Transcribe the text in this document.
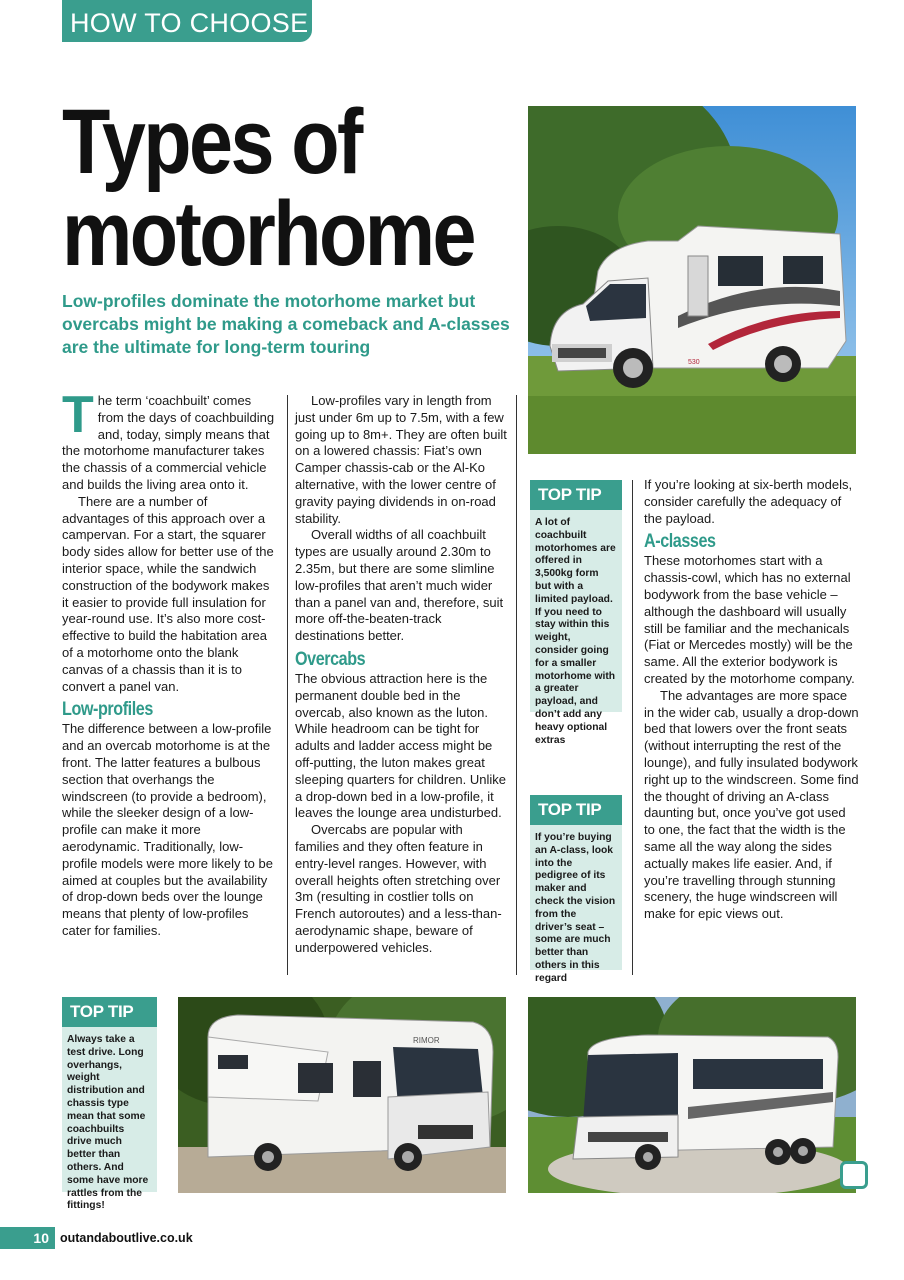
HOW TO CHOOSE
Types of
motorhome

Low-profiles dominate the motorhome market but overcabs might be making a comeback and A-classes are the ultimate for long-term touring

530

The term ‘coachbuilt’ comes from the days of coachbuilding and, today, simply means that the motorhome manufacturer takes the chassis of a commercial vehicle and builds the living area onto it.

There are a number of advantages of this approach over a campervan. For a start, the squarer body sides allow for better use of the interior space, while the sandwich construction of the bodywork makes it easier to provide full insulation for year-round use. It’s also more cost-effective to build the habitation area of a motorhome onto the blank canvas of a chassis than it is to convert a panel van.

Low-profiles

The difference between a low-profile and an overcab motorhome is at the front. The latter features a bulbous section that overhangs the windscreen (to provide a bedroom), while the sleeker design of a low-profile can make it more aerodynamic. Traditionally, low-profile models were more likely to be aimed at couples but the availability of drop-down beds over the lounge means that plenty of low-profiles cater for families.

Low-profiles vary in length from just under 6m up to 7.5m, with a few going up to 8m+. They are often built on a lowered chassis: Fiat’s own Camper chassis-cab or the Al-Ko alternative, with the lower centre of gravity paying dividends in on-road stability.

Overall widths of all coachbuilt types are usually around 2.30m to 2.35m, but there are some slimline low-profiles that aren’t much wider than a panel van and, therefore, suit more off-the-beaten-track destinations better.

Overcabs

The obvious attraction here is the permanent double bed in the overcab, also known as the luton. While headroom can be tight for adults and ladder access might be off-putting, the luton makes great sleeping quarters for children. Unlike a drop-down bed in a low-profile, it leaves the lounge area undisturbed.

Overcabs are popular with families and they often feature in entry-level ranges. However, with overall heights often stretching over 3m (resulting in costlier tolls on French autoroutes) and a less-than-aerodynamic shape, beware of underpowered vehicles.

TOP TIP
A lot of coachbuilt motorhomes are offered in 3,500kg form but with a limited payload. If you need to stay within this weight, consider going for a smaller motorhome with a greater payload, and don’t add any heavy optional extras
TOP TIP
If you’re buying an A-class, look into the pedigree of its maker and check the vision from the driver’s seat – some are much better than others in this regard

If you’re looking at six-berth models, consider carefully the adequacy of the payload.

A-classes

These motorhomes start with a chassis-cowl, which has no external bodywork from the base vehicle – although the dashboard will usually still be familiar and the mechanicals (Fiat or Mercedes mostly) will be the same. All the exterior bodywork is created by the motorhome company.

The advantages are more space in the wider cab, usually a drop-down bed that lowers over the front seats (without interrupting the rest of the lounge), and fully insulated bodywork right up to the windscreen. Some find the thought of driving an A-class daunting but, once you’ve got used to one, the fact that the width is the same all the way along the sides actually makes life easier. And, if you’re travelling through stunning scenery, the huge windscreen will make for epic views out.

TOP TIP
Always take a test drive. Long overhangs, weight distribution and chassis type mean that some coachbuilts drive much better than others. And some have more rattles from the fittings!
RIMOR
10 outandaboutlive.co.uk
